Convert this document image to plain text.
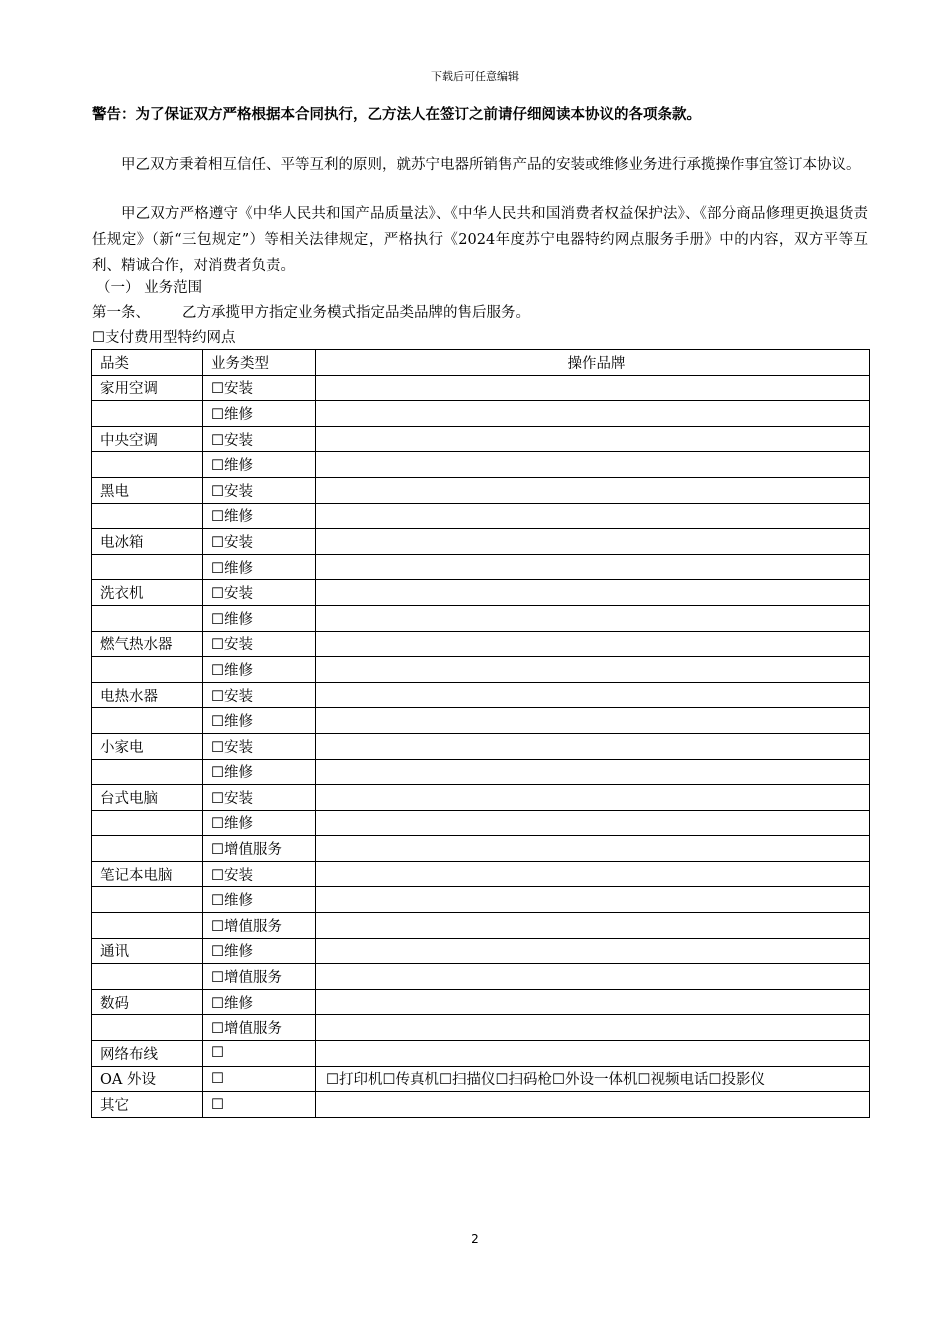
下载后可任意编辑
警告：为了保证双方严格根据本合同执行，乙方法人在签订之前请仔细阅读本协议的各项条款。
甲乙双方秉着相互信任、平等互利的原则，就苏宁电器所销售产品的安装或维修业务进行承揽操作事宜签订本协议。
甲乙双方严格遵守《中华人民共和国产品质量法》、《中华人民共和国消费者权益保护法》、《部分商品修理更换退货责任规定》（新“三包规定”）等相关法律规定，严格执行《2024年度苏宁电器特约网点服务手册》中的内容，双方平等互利、精诚合作，对消费者负责。
（一） 业务范围
第一条、 乙方承揽甲方指定业务模式指定品类品牌的售后服务。
☐支付费用型特约网点
品类	业务类型	操作品牌
家用空调	☐安装	
	☐维修	
中央空调	☐安装	
	☐维修	
黑电	☐安装	
	☐维修	
电冰箱	☐安装	
	☐维修	
洗衣机	☐安装	
	☐维修	
燃气热水器	☐安装	
	☐维修	
电热水器	☐安装	
	☐维修	
小家电	☐安装	
	☐维修	
台式电脑	☐安装	
	☐维修	
	☐增值服务	
笔记本电脑	☐安装	
	☐维修	
	☐增值服务	
通讯	☐维修	
	☐增值服务	
数码	☐维修	
	☐增值服务	
网络布线	☐	
OA 外设	☐	☐打印机☐传真机☐扫描仪☐扫码枪☐外设一体机☐视频电话☐投影仪
其它	☐	
2
